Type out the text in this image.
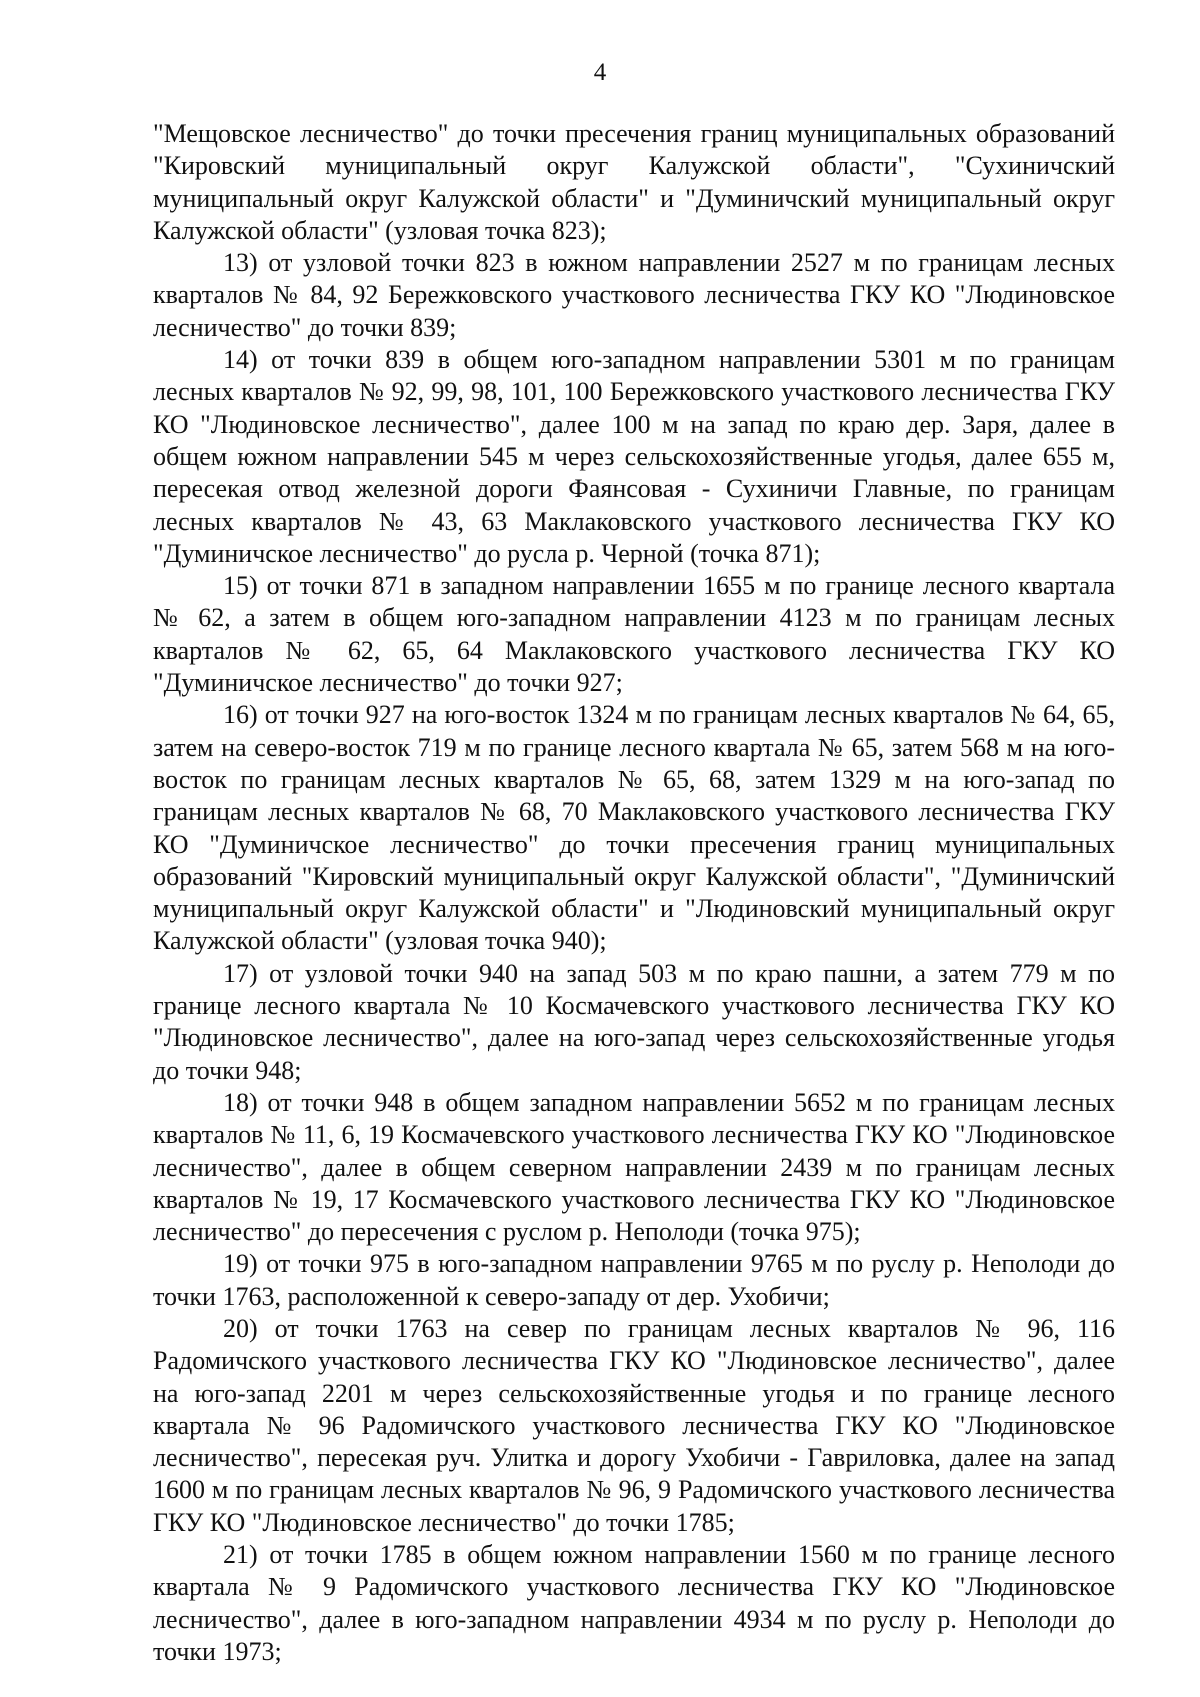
4

"Мещовское лесничество" до точки пресечения границ муниципальных образований "Кировский муниципальный округ Калужской области", "Сухиничский муниципальный округ Калужской области" и "Думиничский муниципальный округ Калужской области" (узловая точка 823);

13) от узловой точки 823 в южном направлении 2527 м по границам лесных кварталов № 84, 92 Бережковского участкового лесничества ГКУ КО "Людиновское лесничество" до точки 839;

14) от точки 839 в общем юго-западном направлении 5301 м по границам лесных кварталов № 92, 99, 98, 101, 100 Бережковского участкового лесничества ГКУ КО "Людиновское лесничество", далее 100 м на запад по краю дер. Заря, далее в общем южном направлении 545 м через сельскохозяйственные угодья, далее 655 м, пересекая отвод железной дороги Фаянсовая - Сухиничи Главные, по границам лесных кварталов № 43, 63 Маклаковского участкового лесничества ГКУ КО "Думиничское лесничество" до русла р. Черной (точка 871);

15) от точки 871 в западном направлении 1655 м по границе лесного квартала № 62, а затем в общем юго-западном направлении 4123 м по границам лесных кварталов № 62, 65, 64 Маклаковского участкового лесничества ГКУ КО "Думиничское лесничество" до точки 927;

16) от точки 927 на юго-восток 1324 м по границам лесных кварталов № 64, 65, затем на северо-восток 719 м по границе лесного квартала № 65, затем 568 м на юго-восток по границам лесных кварталов № 65, 68, затем 1329 м на юго-запад по границам лесных кварталов № 68, 70 Маклаковского участкового лесничества ГКУ КО "Думиничское лесничество" до точки пресечения границ муниципальных образований "Кировский муниципальный округ Калужской области", "Думиничский муниципальный округ Калужской области" и "Людиновский муниципальный округ Калужской области" (узловая точка 940);

17) от узловой точки 940 на запад 503 м по краю пашни, а затем 779 м по границе лесного квартала № 10 Космачевского участкового лесничества ГКУ КО "Людиновское лесничество", далее на юго-запад через сельскохозяйственные угодья до точки 948;

18) от точки 948 в общем западном направлении 5652 м по границам лесных кварталов № 11, 6, 19 Космачевского участкового лесничества ГКУ КО "Людиновское лесничество", далее в общем северном направлении 2439 м по границам лесных кварталов № 19, 17 Космачевского участкового лесничества ГКУ КО "Людиновское лесничество" до пересечения с руслом р. Неполоди (точка 975);

19) от точки 975 в юго-западном направлении 9765 м по руслу р. Неполоди до точки 1763, расположенной к северо-западу от дер. Ухобичи;

20) от точки 1763 на север по границам лесных кварталов № 96, 116 Радомичского участкового лесничества ГКУ КО "Людиновское лесничество", далее на юго-запад 2201 м через сельскохозяйственные угодья и по границе лесного квартала № 96 Радомичского участкового лесничества ГКУ КО "Людиновское лесничество", пересекая руч. Улитка и дорогу Ухобичи - Гавриловка, далее на запад 1600 м по границам лесных кварталов № 96, 9 Радомичского участкового лесничества ГКУ КО "Людиновское лесничество" до точки 1785;

21) от точки 1785 в общем южном направлении 1560 м по границе лесного квартала № 9 Радомичского участкового лесничества ГКУ КО "Людиновское лесничество", далее в юго-западном направлении 4934 м по руслу р. Неполоди до точки 1973;
